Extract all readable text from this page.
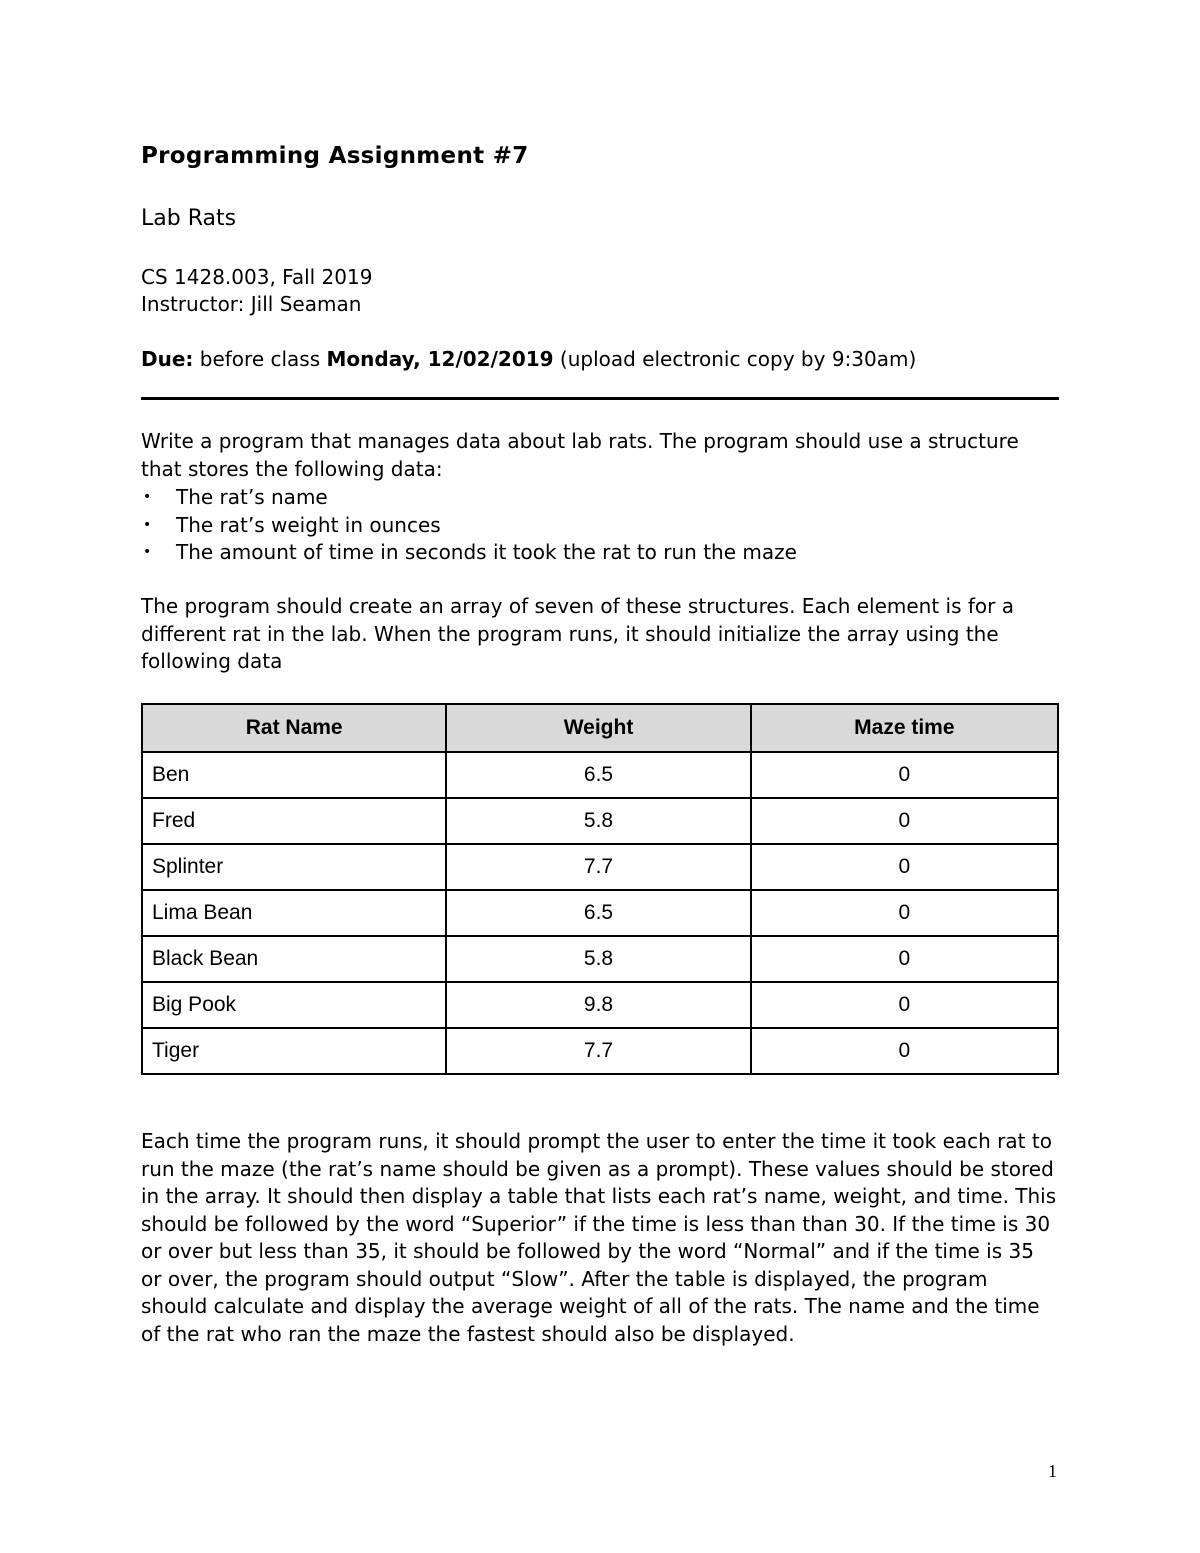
Programming Assignment #7
Lab Rats
CS 1428.003, Fall 2019
Instructor: Jill Seaman
Due: before class Monday, 12/02/2019 (upload electronic copy by 9:30am)

Write a program that manages data about lab rats. The program should use a structure that stores the following data:

• The rat’s name
• The rat’s weight in ounces
• The amount of time in seconds it took the rat to run the maze

The program should create an array of seven of these structures. Each element is for a different rat in the lab. When the program runs, it should initialize the array using the following data

Rat Name	Weight	Maze time
Ben	6.5	0
Fred	5.8	0
Splinter	7.7	0
Lima Bean	6.5	0
Black Bean	5.8	0
Big Pook	9.8	0
Tiger	7.7	0

Each time the program runs, it should prompt the user to enter the time it took each rat to run the maze (the rat’s name should be given as a prompt). These values should be stored in the array. It should then display a table that lists each rat’s name, weight, and time. This should be followed by the word “Superior” if the time is less than than 30. If the time is 30 or over but less than 35, it should be followed by the word “Normal” and if the time is 35 or over, the program should output “Slow”. After the table is displayed, the program should calculate and display the average weight of all of the rats. The name and the time of the rat who ran the maze the fastest should also be displayed.

1
